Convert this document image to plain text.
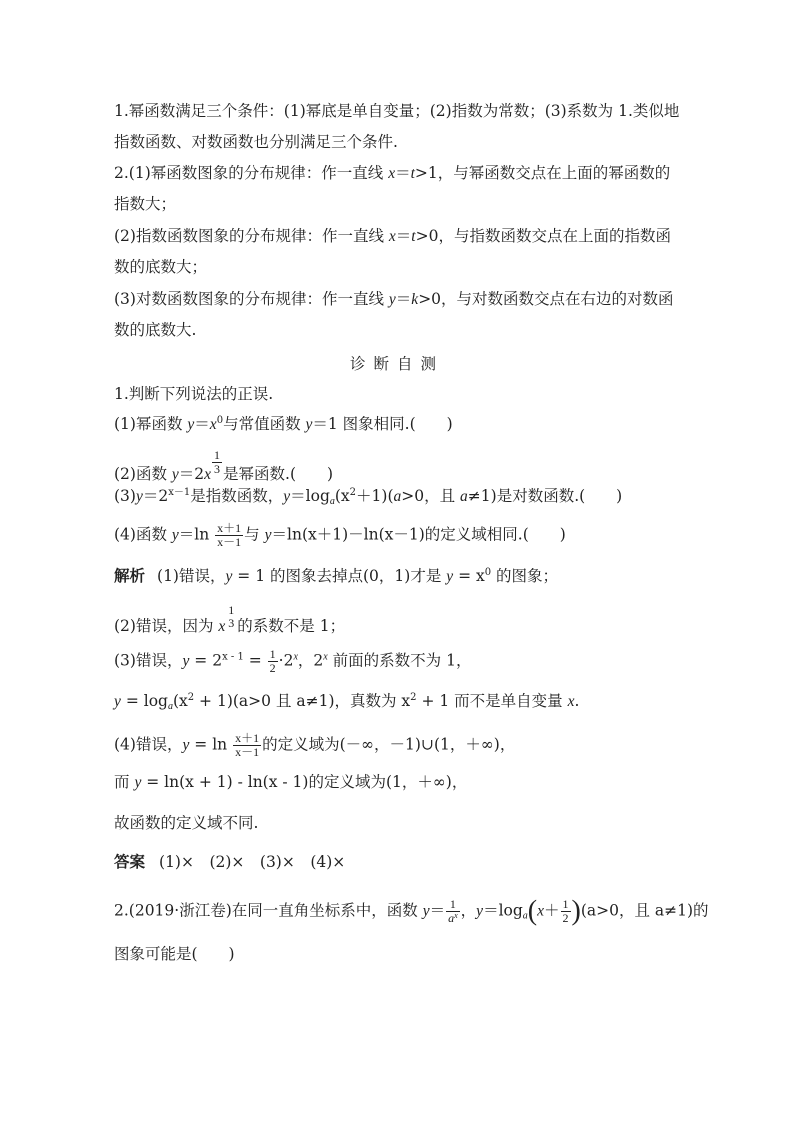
1.幂函数满足三个条件：(1)幂底是单自变量；(2)指数为常数；(3)系数为 1.类似地
指数函数、对数函数也分别满足三个条件.
2.(1)幂函数图象的分布规律：作一直线 x＝t>1，与幂函数交点在上面的幂函数的
指数大；
(2)指数函数图象的分布规律：作一直线 x＝t>0，与指数函数交点在上面的指数函
数的底数大；
(3)对数函数图象的分布规律：作一直线 y＝k>0，与对数函数交点在右边的对数函
数的底数大.
诊断自测
1.判断下列说法的正误.
(1)幂函数 $y=x^0$与常值函数 y＝1 图象相同.(　　)
(2)函数 $y=2x \frac{1}{3}$ 是幂函数.(　　)
$(3)y=2^{x-1}$是指数函数，$y=\log_a(x^2+1)(a>0$，且 a≠1)是对数函数.(　　)
(4)函数 $y=\ln \frac{x+1}{x-1}$ 与 y＝ln(x＋1)－ln(x－1)的定义域相同.(　　)
解析 (1)错误，y = 1 的图象去掉点(0，1)才是 $y = x^0$ 的图象；
(2)错误，因为 x
1
3 的系数不是 1；
(3)错误，$y = 2^{x - 1} = \frac{1}{2} \cdot 2^x$，2$^x$ 前面的系数不为 1，
$y = \log_a(x^2 + 1)(a>0$ 且 a≠1)，真数为 $x^2 + 1$ 而不是单自变量 x.
(4)错误，$y = \ln \frac{x+1}{x-1}$ 的定义域为(－∞，－1)∪(1，＋∞)，
而 y = ln(x + 1) - ln(x - 1)的定义域为(1，＋∞)，
故函数的定义域不同.
答案 (1)×　(2)×　(3)×　(4)×
2.(2019·浙江卷)在同一直角坐标系中，函数 $y= \frac{1}{a^x}$ ，$y=\log_a(x+ \frac{1}{2} )(a>0$，且 a≠1)的
图象可能是(　　)
